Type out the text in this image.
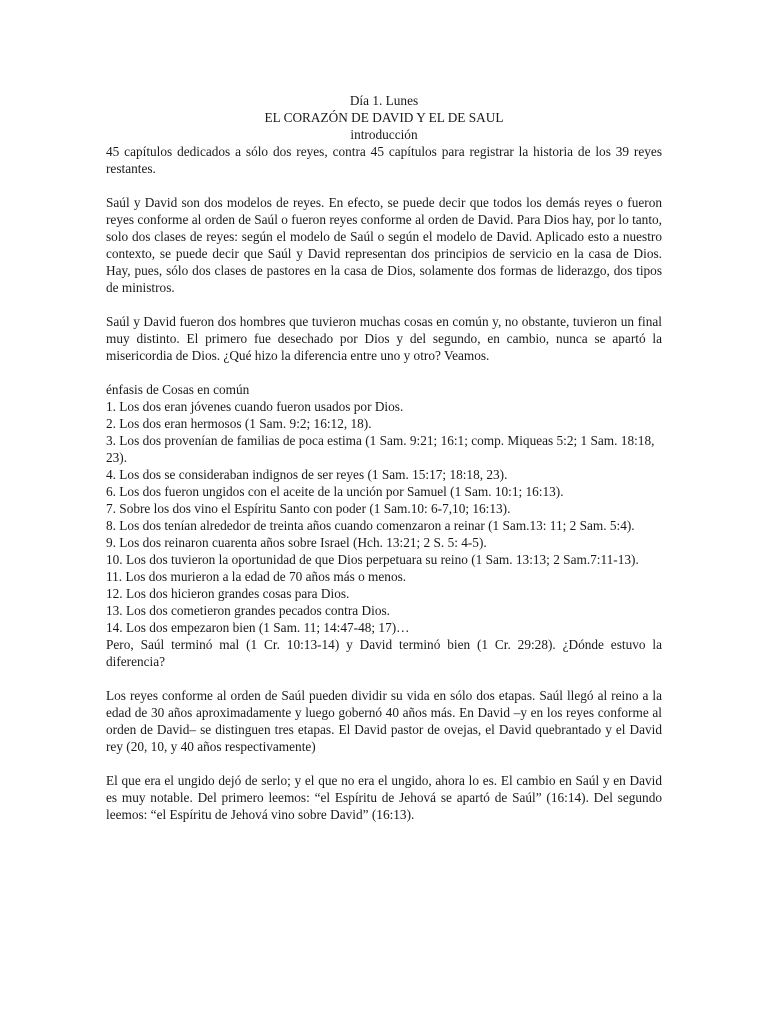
Día 1. Lunes

EL CORAZÓN DE DAVID Y EL DE SAUL

introducción

45 capítulos dedicados a sólo dos reyes, contra 45 capítulos para registrar la historia de los 39 reyes restantes.

Saúl y David son dos modelos de reyes. En efecto, se puede decir que todos los demás reyes o fueron reyes conforme al orden de Saúl o fueron reyes conforme al orden de David. Para Dios hay, por lo tanto, solo dos clases de reyes: según el modelo de Saúl o según el modelo de David. Aplicado esto a nuestro contexto, se puede decir que Saúl y David representan dos principios de servicio en la casa de Dios. Hay, pues, sólo dos clases de pastores en la casa de Dios, solamente dos formas de liderazgo, dos tipos de ministros.

Saúl y David fueron dos hombres que tuvieron muchas cosas en común y, no obstante, tuvieron un final muy distinto. El primero fue desechado por Dios y del segundo, en cambio, nunca se apartó la misericordia de Dios. ¿Qué hizo la diferencia entre uno y otro? Veamos.

énfasis de Cosas en común

1. Los dos eran jóvenes cuando fueron usados por Dios.
2. Los dos eran hermosos (1 Sam. 9:2; 16:12, 18).
3. Los dos provenían de familias de poca estima (1 Sam. 9:21; 16:1; comp. Miqueas 5:2; 1 Sam. 18:18, 23).
4. Los dos se consideraban indignos de ser reyes (1 Sam. 15:17; 18:18, 23).
6. Los dos fueron ungidos con el aceite de la unción por Samuel (1 Sam. 10:1; 16:13).
7. Sobre los dos vino el Espíritu Santo con poder (1 Sam.10: 6-7,10; 16:13).
8. Los dos tenían alrededor de treinta años cuando comenzaron a reinar (1 Sam.13: 11; 2 Sam. 5:4).
9. Los dos reinaron cuarenta años sobre Israel (Hch. 13:21; 2 S. 5: 4-5).
10. Los dos tuvieron la oportunidad de que Dios perpetuara su reino (1 Sam. 13:13; 2 Sam.7:11-13).
11. Los dos murieron a la edad de 70 años más o menos.
12. Los dos hicieron grandes cosas para Dios.
13. Los dos cometieron grandes pecados contra Dios.
14. Los dos empezaron bien (1 Sam. 11; 14:47-48; 17)…

Pero, Saúl terminó mal (1 Cr. 10:13-14) y David terminó bien (1 Cr. 29:28). ¿Dónde estuvo la diferencia?

Los reyes conforme al orden de Saúl pueden dividir su vida en sólo dos etapas. Saúl llegó al reino a la edad de 30 años aproximadamente y luego gobernó 40 años más. En David –y en los reyes conforme al orden de David– se distinguen tres etapas. El David pastor de ovejas, el David quebrantado y el David rey (20, 10, y 40 años respectivamente)

El que era el ungido dejó de serlo; y el que no era el ungido, ahora lo es. El cambio en Saúl y en David es muy notable. Del primero leemos: “el Espíritu de Jehová se apartó de Saúl” (16:14). Del segundo leemos: “el Espíritu de Jehová vino sobre David” (16:13).
